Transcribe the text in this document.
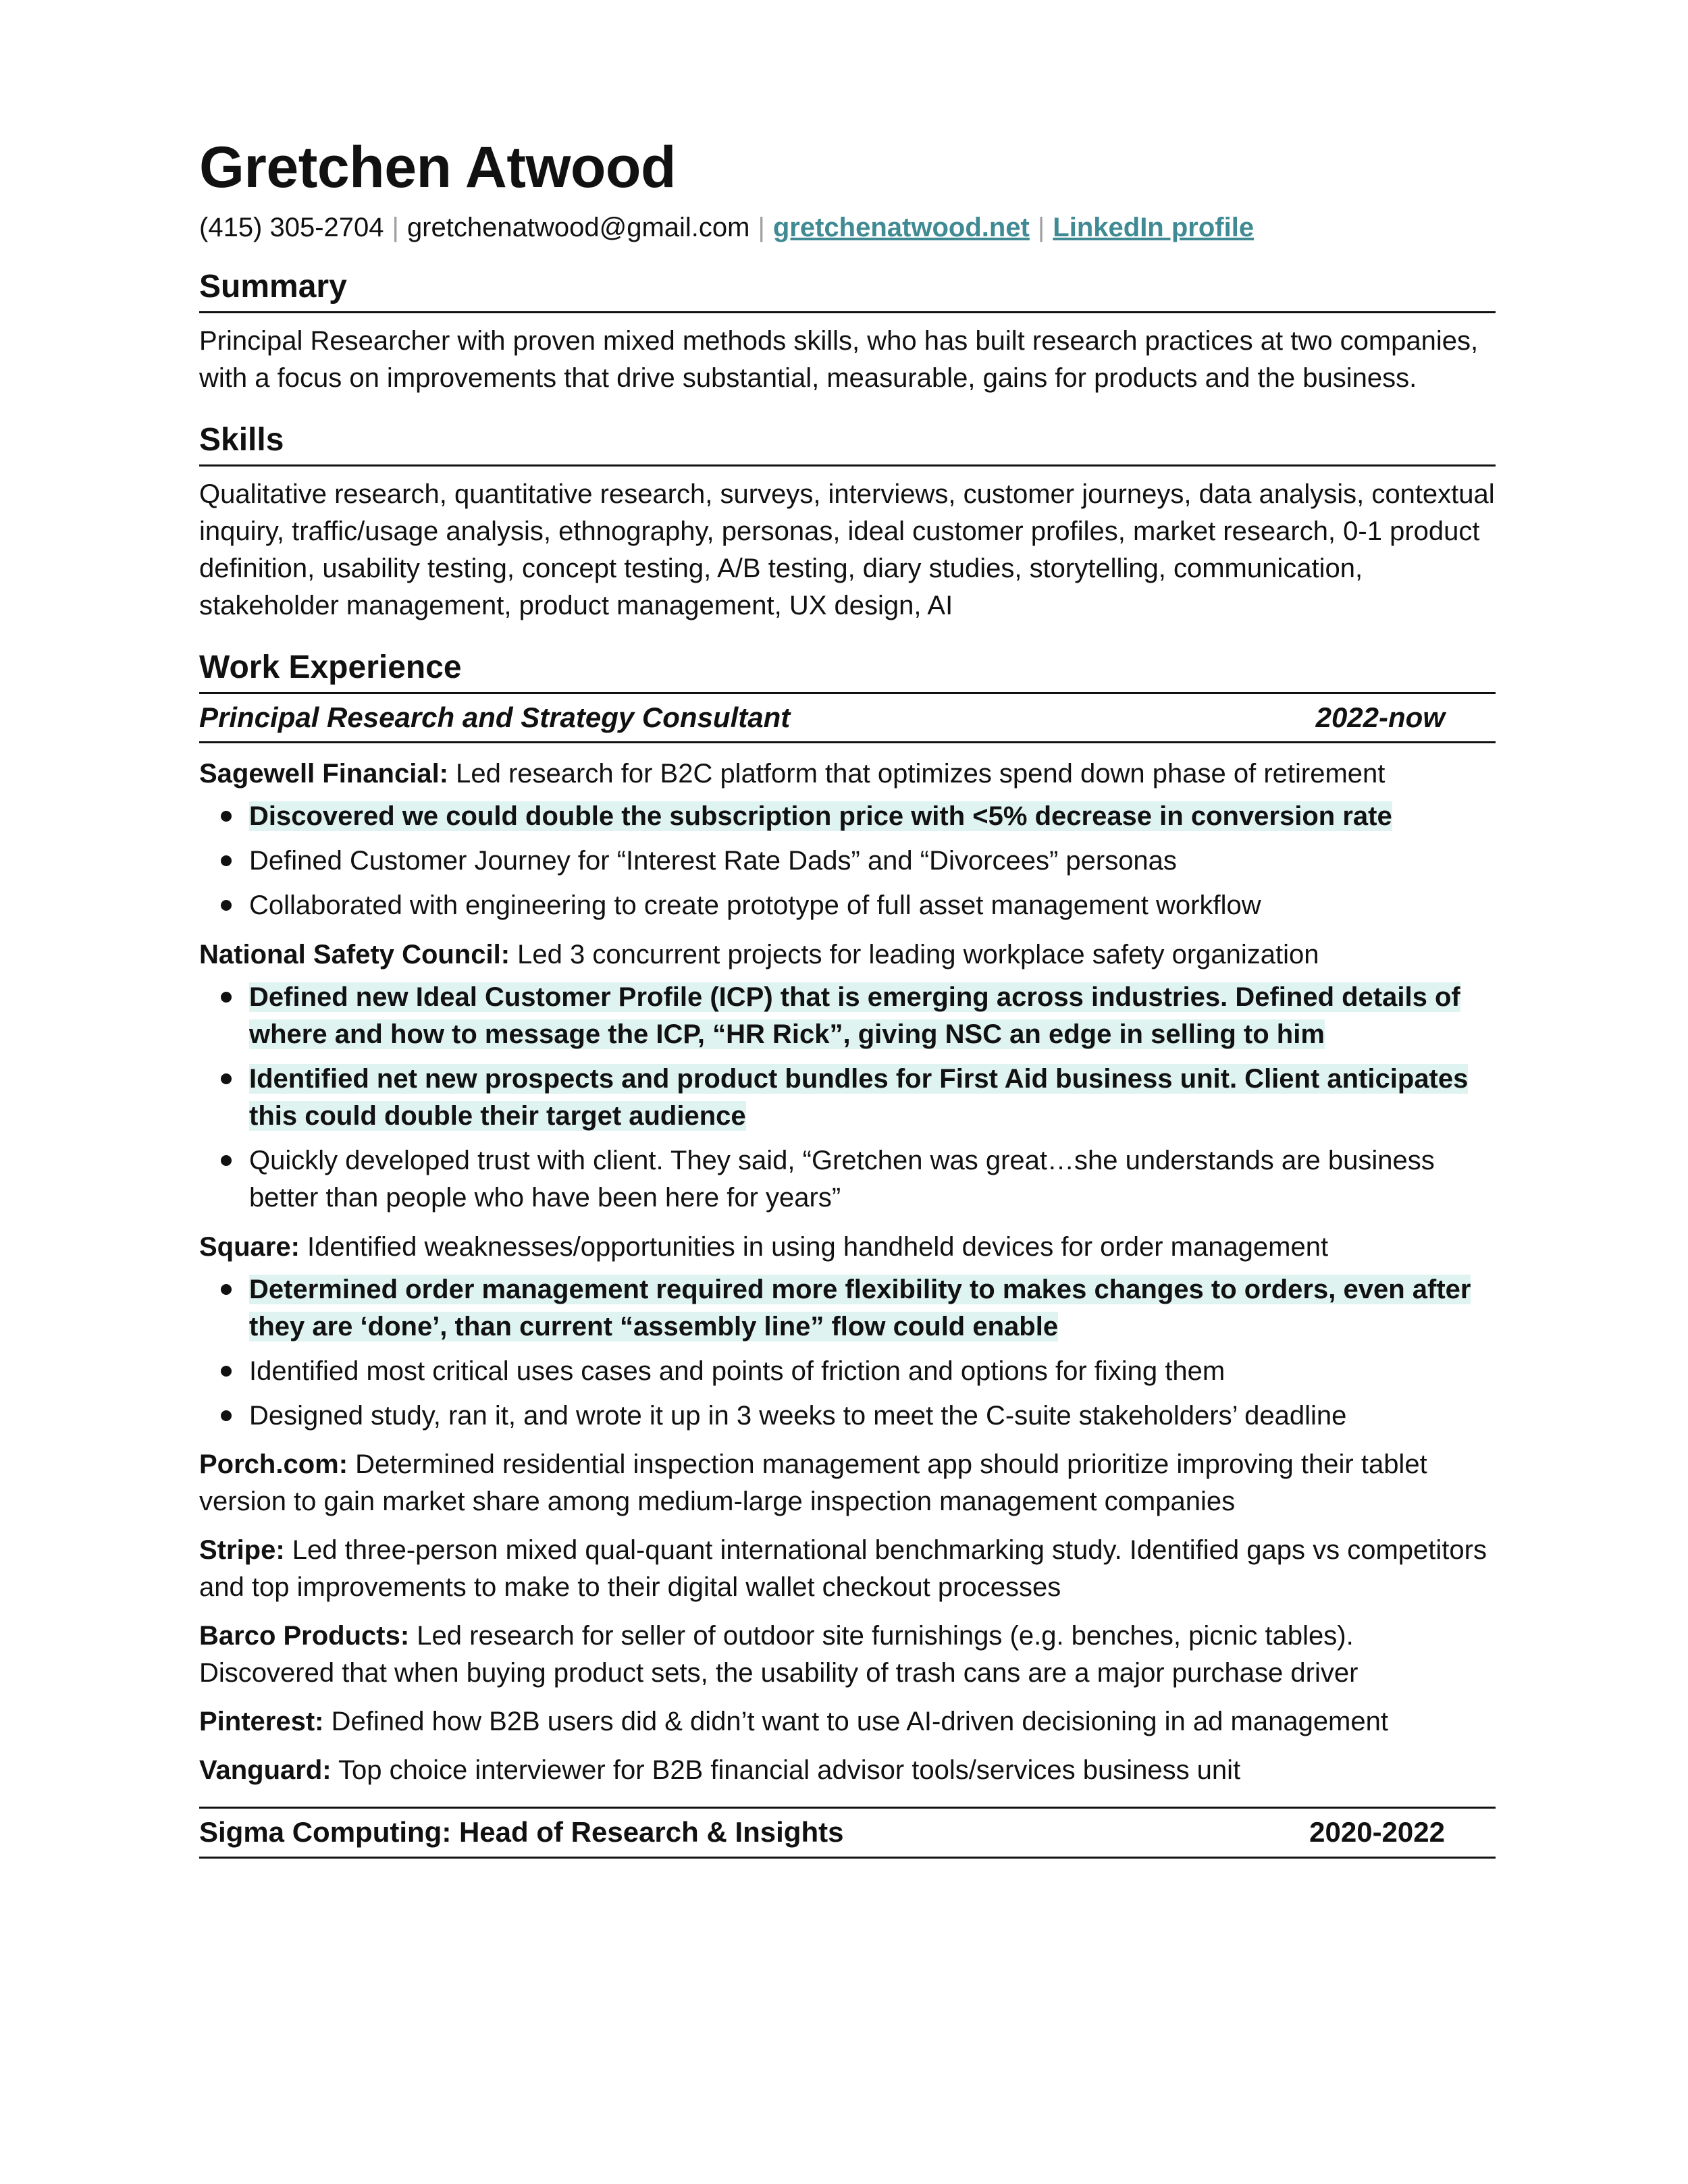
Gretchen Atwood
(415) 305-2704 | gretchenatwood@gmail.com | gretchenatwood.net | LinkedIn profile
Summary

Principal Researcher with proven mixed methods skills, who has built research practices at two companies, with a focus on improvements that drive substantial, measurable, gains for products and the business.

Skills

Qualitative research, quantitative research, surveys, interviews, customer journeys, data analysis, contextual inquiry, traffic/usage analysis, ethnography, personas, ideal customer profiles, market research, 0-1 product definition, usability testing, concept testing, A/B testing, diary studies, storytelling, communication, stakeholder management, product management, UX design, AI

Work Experience
Principal Research and Strategy Consultant	2022-now
Sagewell Financial: Led research for B2C platform that optimizes spend down phase of retirement
Discovered we could double the subscription price with <5% decrease in conversion rate
Defined Customer Journey for “Interest Rate Dads” and “Divorcees” personas
Collaborated with engineering to create prototype of full asset management workflow
National Safety Council: Led 3 concurrent projects for leading workplace safety organization
Defined new Ideal Customer Profile (ICP) that is emerging across industries. Defined details of where and how to message the ICP, “HR Rick”, giving NSC an edge in selling to him
Identified net new prospects and product bundles for First Aid business unit. Client anticipates this could double their target audience
Quickly developed trust with client. They said, “Gretchen was great…she understands are business better than people who have been here for years”
Square: Identified weaknesses/opportunities in using handheld devices for order management
Determined order management required more flexibility to makes changes to orders, even after they are ‘done’, than current “assembly line” flow could enable
Identified most critical uses cases and points of friction and options for fixing them
Designed study, ran it, and wrote it up in 3 weeks to meet the C-suite stakeholders’ deadline
Porch.com: Determined residential inspection management app should prioritize improving their tablet version to gain market share among medium-large inspection management companies
Stripe: Led three-person mixed qual-quant international benchmarking study. Identified gaps vs competitors and top improvements to make to their digital wallet checkout processes
Barco Products: Led research for seller of outdoor site furnishings (e.g. benches, picnic tables). Discovered that when buying product sets, the usability of trash cans are a major purchase driver
Pinterest: Defined how B2B users did & didn’t want to use AI-driven decisioning in ad management
Vanguard: Top choice interviewer for B2B financial advisor tools/services business unit
Sigma Computing: Head of Research & Insights	2020-2022
